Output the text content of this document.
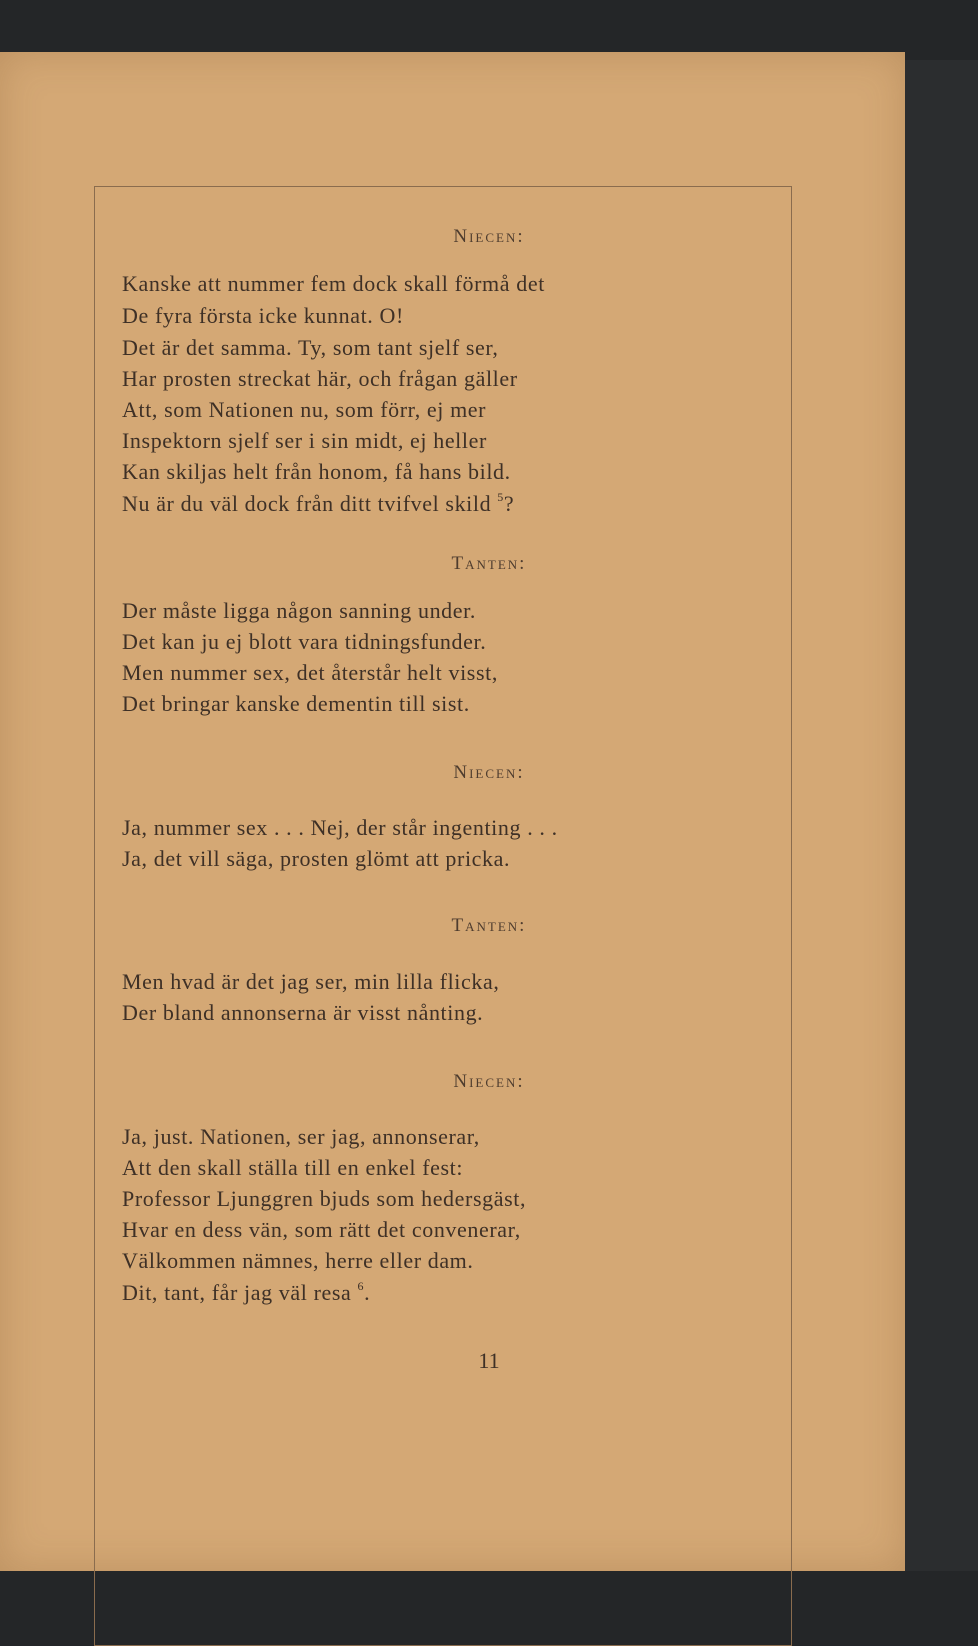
Niecen:
Kanske att nummer fem dock skall förmå det
De fyra första icke kunnat. O!
Det är det samma. Ty, som tant sjelf ser,
Har prosten streckat här, och frågan gäller
Att, som Nationen nu, som förr, ej mer
Inspektorn sjelf ser i sin midt, ej heller
Kan skiljas helt från honom, få hans bild.
Nu är du väl dock från ditt tvifvel skild $^5$?
Tanten:
Der måste ligga någon sanning under.
Det kan ju ej blott vara tidningsfunder.
Men nummer sex, det återstår helt visst,
Det bringar kanske dementin till sist.
Niecen:
Ja, nummer sex . . . Nej, der står ingenting . . .
Ja, det vill säga, prosten glömt att pricka.
Tanten:
Men hvad är det jag ser, min lilla flicka,
Der bland annonserna är visst nånting.
Niecen:
Ja, just. Nationen, ser jag, annonserar,
Att den skall ställa till en enkel fest:
Professor Ljunggren bjuds som hedersgäst,
Hvar en dess vän, som rätt det convenerar,
Välkommen nämnes, herre eller dam.
Dit, tant, får jag väl resa $^6$.
11
